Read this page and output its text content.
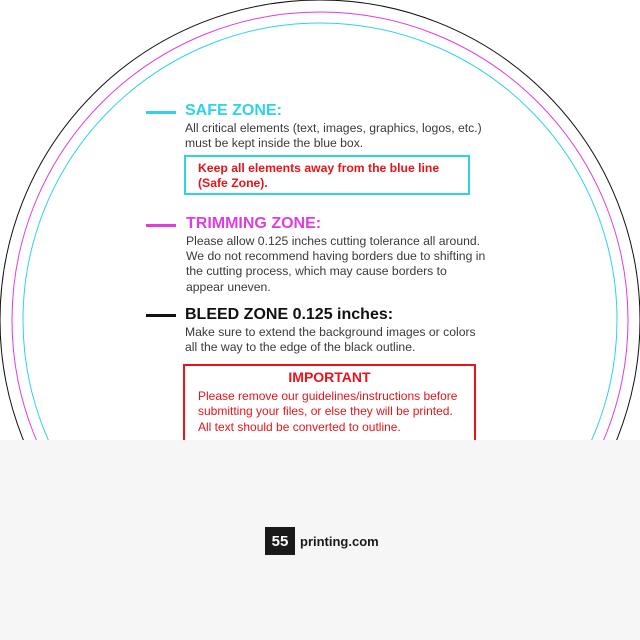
SAFE ZONE:
All critical elements (text, images, graphics, logos, etc.)
must be kept inside the blue box.
Keep all elements away from the blue line
(Safe Zone).
TRIMMING ZONE:
Please allow 0.125 inches cutting tolerance all around.
We do not recommend having borders due to shifting in
the cutting process, which may cause borders to
appear uneven.
BLEED ZONE 0.125 inches:
Make sure to extend the background images or colors
all the way to the edge of the black outline.
IMPORTANT
Please remove our guidelines/instructions before
submitting your files, or else they will be printed.
All text should be converted to outline.
55 printing.com
